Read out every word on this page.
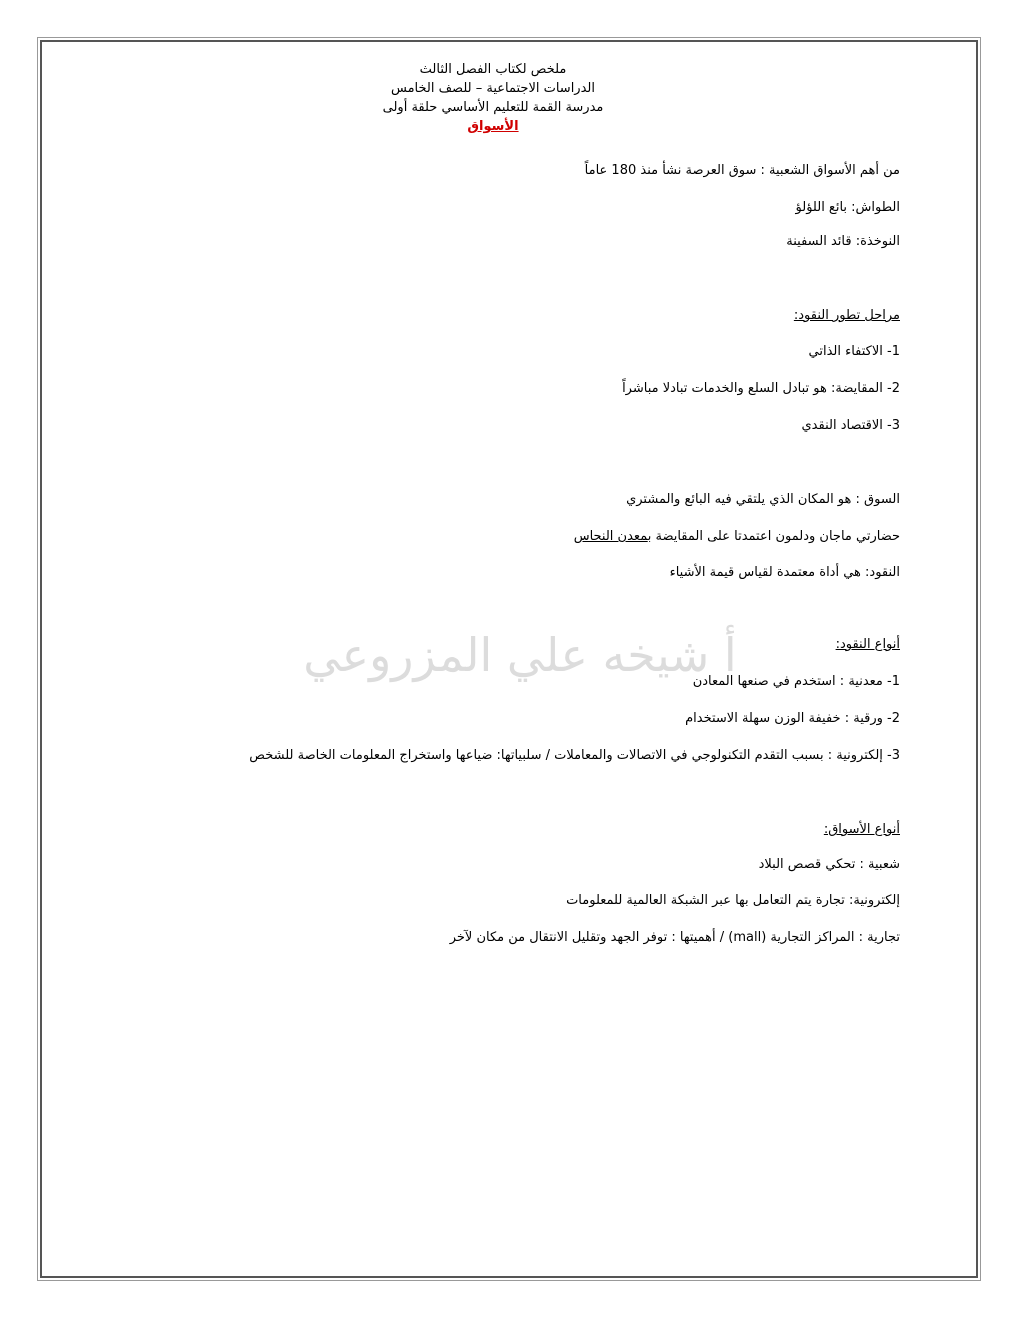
أ شيخه علي المزروعي
ملخص لكتاب الفصل الثالث
الدراسات الاجتماعية – للصف الخامس
مدرسة القمة للتعليم الأساسي حلقة أولى
الأسواق
من أهم الأسواق الشعبية : سوق العرصة نشأ منذ 180 عاماً
الطواش: بائع اللؤلؤ
النوخذة: قائد السفينة
مراحل تطور النقود:
1- الاكتفاء الذاتي
2- المقايضة: هو تبادل السلع والخدمات تبادلا مباشراً
3- الاقتصاد النقدي
السوق : هو المكان الذي يلتقي فيه البائع والمشتري
حضارتي ماجان ودلمون اعتمدتا على المقايضة بمعدن النحاس
النقود: هي أداة معتمدة لقياس قيمة الأشياء
أنواع النقود:
1- معدنية : استخدم في صنعها المعادن
2- ورقية : خفيفة الوزن سهلة الاستخدام
3- إلكترونية : بسبب التقدم التكنولوجي في الاتصالات والمعاملات / سلبياتها: ضياعها واستخراج المعلومات الخاصة للشخص
أنواع الأسواق:
شعبية : تحكي قصص البلاد
إلكترونية: تجارة يتم التعامل بها عبر الشبكة العالمية للمعلومات
تجارية : المراكز التجارية (mall) / أهميتها : توفر الجهد وتقليل الانتقال من مكان لآخر
